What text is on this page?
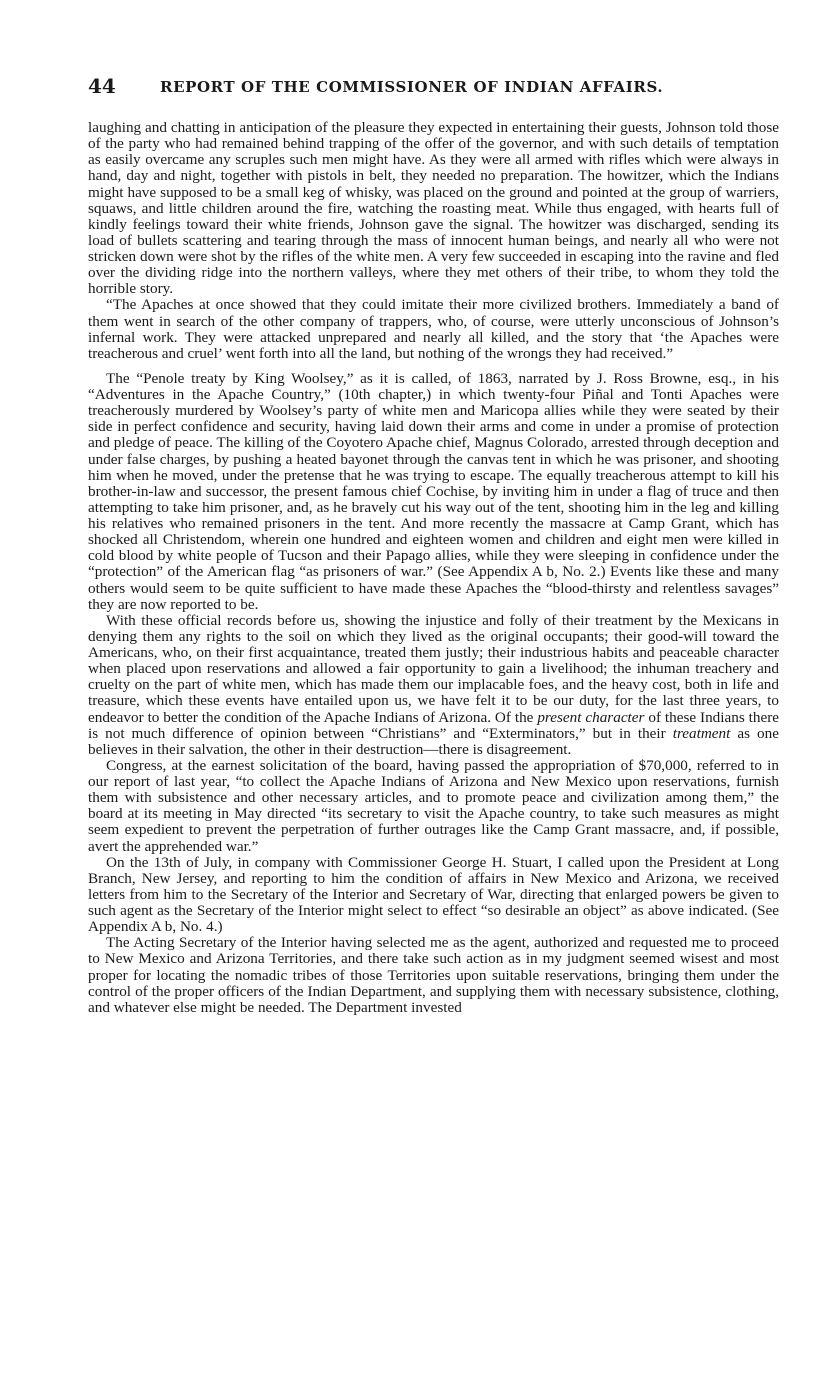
44	REPORT OF THE COMMISSIONER OF INDIAN AFFAIRS.

laughing and chatting in anticipation of the pleasure they expected in entertaining their guests, Johnson told those of the party who had remained behind trapping of the offer of the governor, and with such details of temptation as easily overcame any scruples such men might have. As they were all armed with rifles which were always in hand, day and night, together with pistols in belt, they needed no preparation. The howitzer, which the Indians might have supposed to be a small keg of whisky, was placed on the ground and pointed at the group of warriers, squaws, and little children around the fire, watching the roasting meat. While thus engaged, with hearts full of kindly feelings toward their white friends, Johnson gave the signal. The howitzer was discharged, sending its load of bullets scattering and tearing through the mass of innocent human beings, and nearly all who were not stricken down were shot by the rifles of the white men. A very few succeeded in escaping into the ravine and fled over the dividing ridge into the northern valleys, where they met others of their tribe, to whom they told the horrible story.

“The Apaches at once showed that they could imitate their more civilized brothers. Immediately a band of them went in search of the other company of trappers, who, of course, were utterly unconscious of Johnson’s infernal work. They were attacked unprepared and nearly all killed, and the story that ‘the Apaches were treacherous and cruel’ went forth into all the land, but nothing of the wrongs they had received.”

The “Penole treaty by King Woolsey,” as it is called, of 1863, narrated by J. Ross Browne, esq., in his “Adventures in the Apache Country,” (10th chapter,) in which twenty-four Piñal and Tonti Apaches were treacherously murdered by Woolsey’s party of white men and Maricopa allies while they were seated by their side in perfect confidence and security, having laid down their arms and come in under a promise of protection and pledge of peace. The killing of the Coyotero Apache chief, Magnus Colorado, arrested through deception and under false charges, by pushing a heated bayonet through the canvas tent in which he was prisoner, and shooting him when he moved, under the pretense that he was trying to escape. The equally treacherous attempt to kill his brother-in-law and successor, the present famous chief Cochise, by inviting him in under a flag of truce and then attempting to take him prisoner, and, as he bravely cut his way out of the tent, shooting him in the leg and killing his relatives who remained prisoners in the tent. And more recently the massacre at Camp Grant, which has shocked all Christendom, wherein one hundred and eighteen women and children and eight men were killed in cold blood by white people of Tucson and their Papago allies, while they were sleeping in confidence under the “protection” of the American flag “as prisoners of war.” (See Appendix A b, No. 2.) Events like these and many others would seem to be quite sufficient to have made these Apaches the “blood-thirsty and relentless savages” they are now reported to be.

With these official records before us, showing the injustice and folly of their treatment by the Mexicans in denying them any rights to the soil on which they lived as the original occupants; their good-will toward the Americans, who, on their first acquaintance, treated them justly; their industrious habits and peaceable character when placed upon reservations and allowed a fair opportunity to gain a livelihood; the inhuman treachery and cruelty on the part of white men, which has made them our implacable foes, and the heavy cost, both in life and treasure, which these events have entailed upon us, we have felt it to be our duty, for the last three years, to endeavor to better the condition of the Apache Indians of Arizona. Of the present character of these Indians there is not much difference of opinion between “Christians” and “Exterminators,” but in their treatment as one believes in their salvation, the other in their destruction—there is disagreement.

Congress, at the earnest solicitation of the board, having passed the appropriation of $70,000, referred to in our report of last year, “to collect the Apache Indians of Arizona and New Mexico upon reservations, furnish them with subsistence and other necessary articles, and to promote peace and civilization among them,” the board at its meeting in May directed “its secretary to visit the Apache country, to take such measures as might seem expedient to prevent the perpetration of further outrages like the Camp Grant massacre, and, if possible, avert the apprehended war.”

On the 13th of July, in company with Commissioner George H. Stuart, I called upon the President at Long Branch, New Jersey, and reporting to him the condition of affairs in New Mexico and Arizona, we received letters from him to the Secretary of the Interior and Secretary of War, directing that enlarged powers be given to such agent as the Secretary of the Interior might select to effect “so desirable an object” as above indicated. (See Appendix A b, No. 4.)

The Acting Secretary of the Interior having selected me as the agent, authorized and requested me to proceed to New Mexico and Arizona Territories, and there take such action as in my judgment seemed wisest and most proper for locating the nomadic tribes of those Territories upon suitable reservations, bringing them under the control of the proper officers of the Indian Department, and supplying them with necessary subsistence, clothing, and whatever else might be needed. The Department invested
